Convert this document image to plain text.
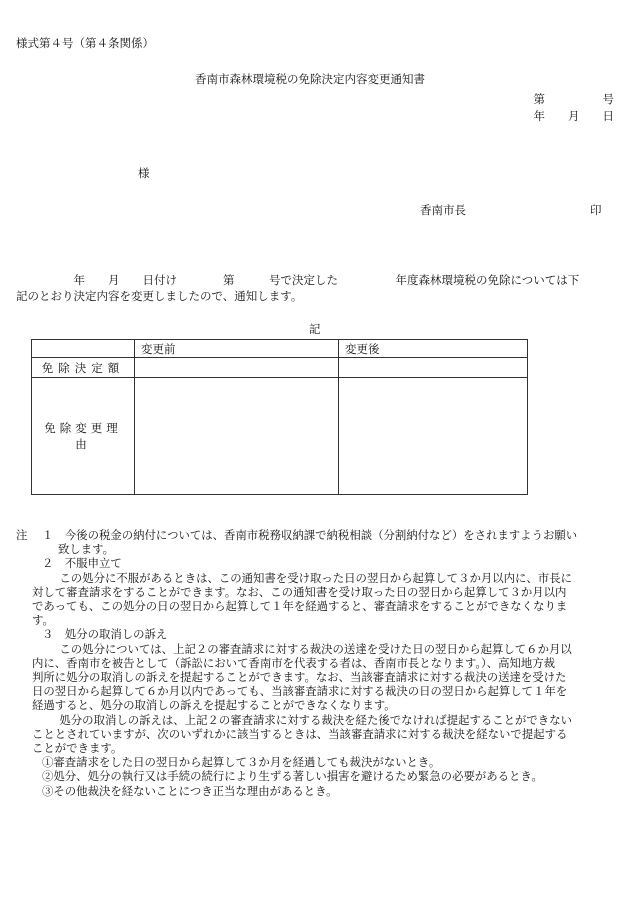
様式第４号（第４条関係）
香南市森林環境税の免除決定内容変更通知書
第　　　　　号
年　　月　　日
様
香南市長	印
　　　　　年　　月　　日付け　　　　第　　　号で決定した　　　　　年度森林環境税の免除については下
記のとおり決定内容を変更しましたので、通知します。
記
	変更前	変更後
免除決定額		
免除変更理由		
注	１　今後の税金の納付については、香南市税務収納課で納税相談（分割納付など）をされますようお願い
致します。
２　不服申立て
　この処分に不服があるときは、この通知書を受け取った日の翌日から起算して３か月以内に、市長に
対して審査請求をすることができます。なお、この通知書を受け取った日の翌日から起算して３か月以内
であっても、この処分の日の翌日から起算して１年を経過すると、審査請求をすることができなくなりま
す。
３　処分の取消しの訴え
　この処分については、上記２の審査請求に対する裁決の送達を受けた日の翌日から起算して６か月以
内に、香南市を被告として（訴訟において香南市を代表する者は、香南市長となります。）、高知地方裁
判所に処分の取消しの訴えを提起することができます。なお、当該審査請求に対する裁決の送達を受けた
日の翌日から起算して６か月以内であっても、当該審査請求に対する裁決の日の翌日から起算して１年を
経過すると、処分の取消しの訴えを提起することができなくなります。
　処分の取消しの訴えは、上記２の審査請求に対する裁決を経た後でなければ提起することができない
こととされていますが、次のいずれかに該当するときは、当該審査請求に対する裁決を経ないで提起する
ことができます。
①審査請求をした日の翌日から起算して３か月を経過しても裁決がないとき。
②処分、処分の執行又は手続の続行により生ずる著しい損害を避けるため緊急の必要があるとき。
③その他裁決を経ないことにつき正当な理由があるとき。
